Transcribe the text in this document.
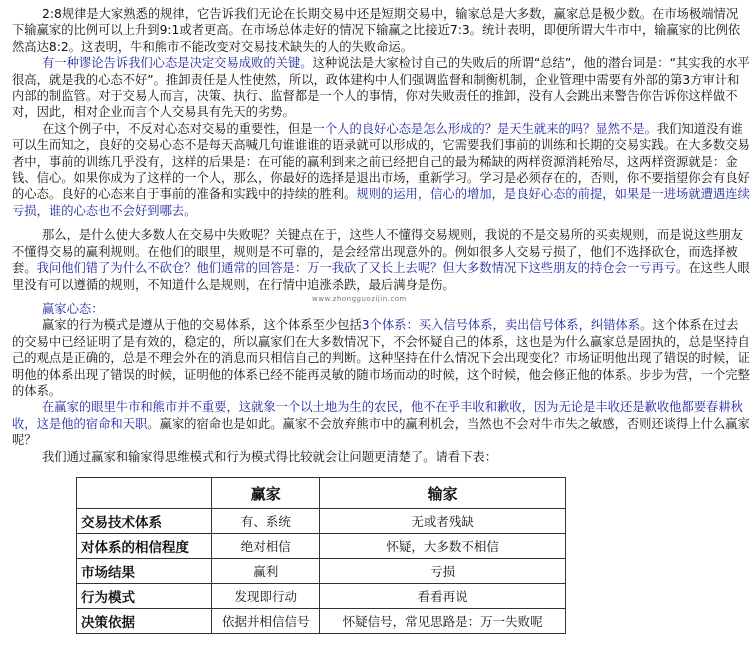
2:8规律是大家熟悉的规律，它告诉我们无论在长期交易中还是短期交易中，输家总是大多数，赢家总是极少数。在市场极端情况下输赢家的比例可以上升到9:1或者更高。在市场总体走好的情况下输赢之比接近7:3。统计表明，即便所谓大牛市中，输赢家的比例依然高达8:2。这表明，牛和熊市不能改变对交易技术缺失的人的失败命运。

有一种谬论告诉我们心态是决定交易成败的关键。这种说法是大家检讨自己的失败后的所谓“总结”，他的潜台词是：“其实我的水平很高，就是我的心态不好”。推卸责任是人性使然，所以，政体建构中人们强调监督和制衡机制，企业管理中需要有外部的第3方审计和内部的制监管。对于交易人而言，决策、执行、监督都是一个人的事情，你对失败责任的推卸，没有人会跳出来警告你告诉你这样做不对，因此，相对企业而言个人交易具有先天的劣势。

在这个例子中，不反对心态对交易的重要性，但是一个人的良好心态是怎么形成的？是天生就来的吗？显然不是。我们知道没有谁可以生而知之，良好的交易心态不是每天高喊几句谁谁谁的语录就可以形成的，它需要我们事前的训练和长期的交易实践。在大多数交易者中，事前的训练几乎没有，这样的后果是：在可能的赢利到来之前已经把自己的最为稀缺的两样资源消耗殆尽，这两样资源就是：金钱、信心。如果你成为了这样的一个人，那么，你最好的选择是退出市场，重新学习。学习是必须存在的，否则，你不要指望你会有良好的心态。良好的心态来自于事前的准备和实践中的持续的胜利。规则的运用，信心的增加，是良好心态的前提，如果是一进场就遭遇连续亏损，谁的心态也不会好到哪去。

那么，是什么使大多数人在交易中失败呢？关键点在于，这些人不懂得交易规则，我说的不是交易所的买卖规则，而是说这些朋友不懂得交易的赢利规则。在他们的眼里，规则是不可靠的，是会经常出现意外的。例如很多人交易亏损了，他们不选择砍仓，而选择被套。我问他们错了为什么不砍仓？他们通常的回答是：万一我砍了又长上去呢？但大多数情况下这些朋友的持仓会一亏再亏。在这些人眼里没有可以遵循的规则，不知道什么是规则，在行情中追涨杀跌，最后满身是伤。

赢家心态：

赢家的行为模式是遵从于他的交易体系，这个体系至少包括3个体系：买入信号体系，卖出信号体系，纠错体系。这个体系在过去的交易中已经证明了是有效的，稳定的，所以赢家们在大多数情况下，不会怀疑自己的体系，这也是为什么赢家总是固执的，总是坚持自己的观点是正确的，总是不理会外在的消息而只相信自己的判断。这种坚持在什么情况下会出现变化？市场证明他出现了错误的时候，证明他的体系出现了错误的时候，证明他的体系已经不能再灵敏的随市场而动的时候，这个时候，他会修正他的体系。步步为营，一个完整的体系。

在赢家的眼里牛市和熊市并不重要，这就象一个以土地为生的农民，他不在乎丰收和歉收，因为无论是丰收还是歉收他都要春耕秋收，这是他的宿命和天职。赢家的宿命也是如此。赢家不会放弃熊市中的赢利机会，当然也不会对牛市失之敏感，否则还谈得上什么赢家呢？

我们通过赢家和输家得思维模式和行为模式得比较就会让问题更清楚了。请看下表：

www.zhongguozijin.com
	赢家	输家
交易技术体系	有、系统	无或者残缺
对体系的相信程度	绝对相信	怀疑，大多数不相信
市场结果	赢利	亏损
行为模式	发现即行动	看看再说
决策依据	依据并相信信号	怀疑信号，常见思路是：万一失败呢
